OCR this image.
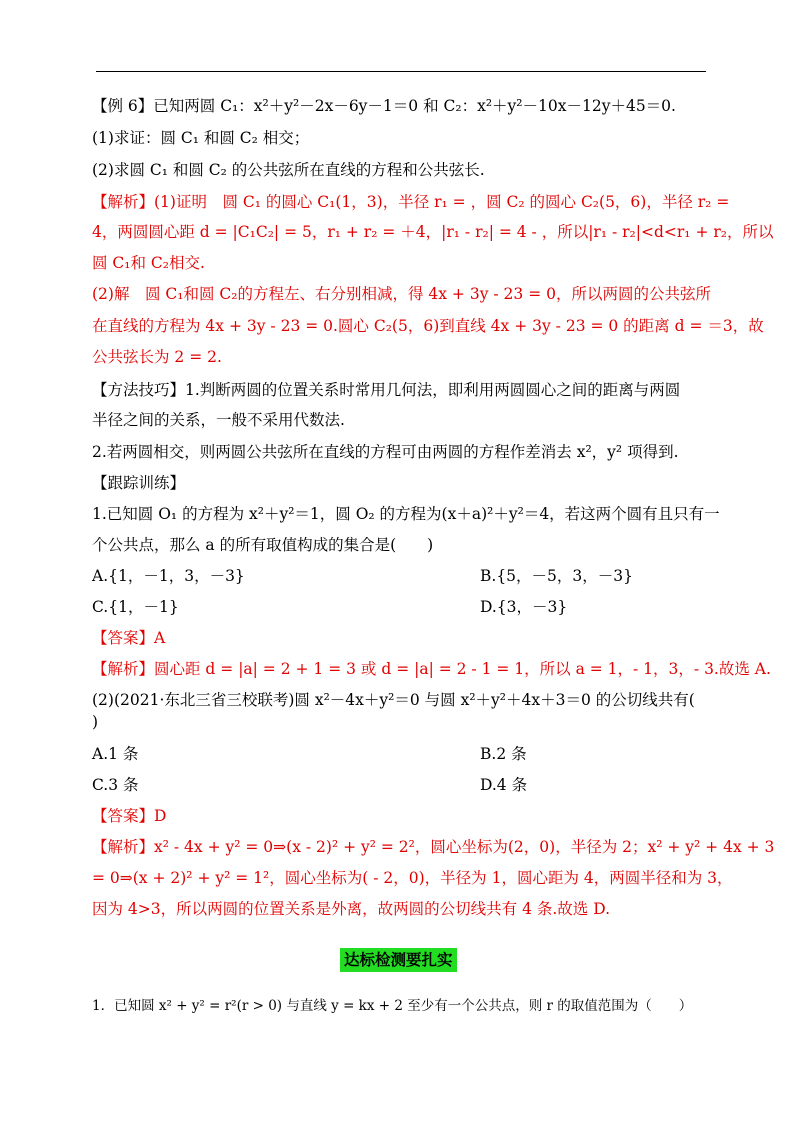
【例 6】已知两圆 C₁：x²＋y²－2x－6y－1＝0 和 C₂：x²＋y²－10x－12y＋45＝0.
(1)求证：圆 C₁ 和圆 C₂ 相交；
(2)求圆 C₁ 和圆 C₂ 的公共弦所在直线的方程和公共弦长.
【解析】(1)证明　圆 C₁ 的圆心 C₁(1，3)，半径 r₁ = ，圆 C₂ 的圆心 C₂(5，6)，半径 r₂ =
4，两圆圆心距 d = |C₁C₂| = 5，r₁ + r₂ = ＋4，|r₁ - r₂| = 4 - ，所以|r₁ - r₂|<d<r₁ + r₂，所以
圆 C₁和 C₂相交.
(2)解　圆 C₁和圆 C₂的方程左、右分别相减，得 4x + 3y - 23 = 0，所以两圆的公共弦所
在直线的方程为 4x + 3y - 23 = 0.圆心 C₂(5，6)到直线 4x + 3y - 23 = 0 的距离 d = ＝3，故
公共弦长为 2 = 2.
【方法技巧】1.判断两圆的位置关系时常用几何法，即利用两圆圆心之间的距离与两圆
半径之间的关系，一般不采用代数法.
2.若两圆相交，则两圆公共弦所在直线的方程可由两圆的方程作差消去 x²，y² 项得到.
【跟踪训练】
1.已知圆 O₁ 的方程为 x²＋y²＝1，圆 O₂ 的方程为(x＋a)²＋y²＝4，若这两个圆有且只有一
个公共点，那么 a 的所有取值构成的集合是(　　)
A.{1，－1，3，－3}	B.{5，－5，3，－3}
C.{1，－1}	D.{3，－3}
【答案】A
【解析】圆心距 d = |a| = 2 + 1 = 3 或 d = |a| = 2 - 1 = 1，所以 a = 1，- 1，3，- 3.故选 A.
(2)(2021·东北三省三校联考)圆 x²－4x＋y²＝0 与圆 x²＋y²＋4x＋3＝0 的公切线共有(
)
A.1 条	B.2 条
C.3 条	D.4 条
【答案】D
【解析】x² - 4x + y² = 0⇒(x - 2)² + y² = 2²，圆心坐标为(2，0)，半径为 2；x² + y² + 4x + 3
= 0⇒(x + 2)² + y² = 1²，圆心坐标为( - 2，0)，半径为 1，圆心距为 4，两圆半径和为 3，
因为 4>3，所以两圆的位置关系是外离，故两圆的公切线共有 4 条.故选 D.
达标检测要扎实
1．已知圆 x² + y² = r²(r > 0) 与直线 y = kx + 2 至少有一个公共点，则 r 的取值范围为（　　）
